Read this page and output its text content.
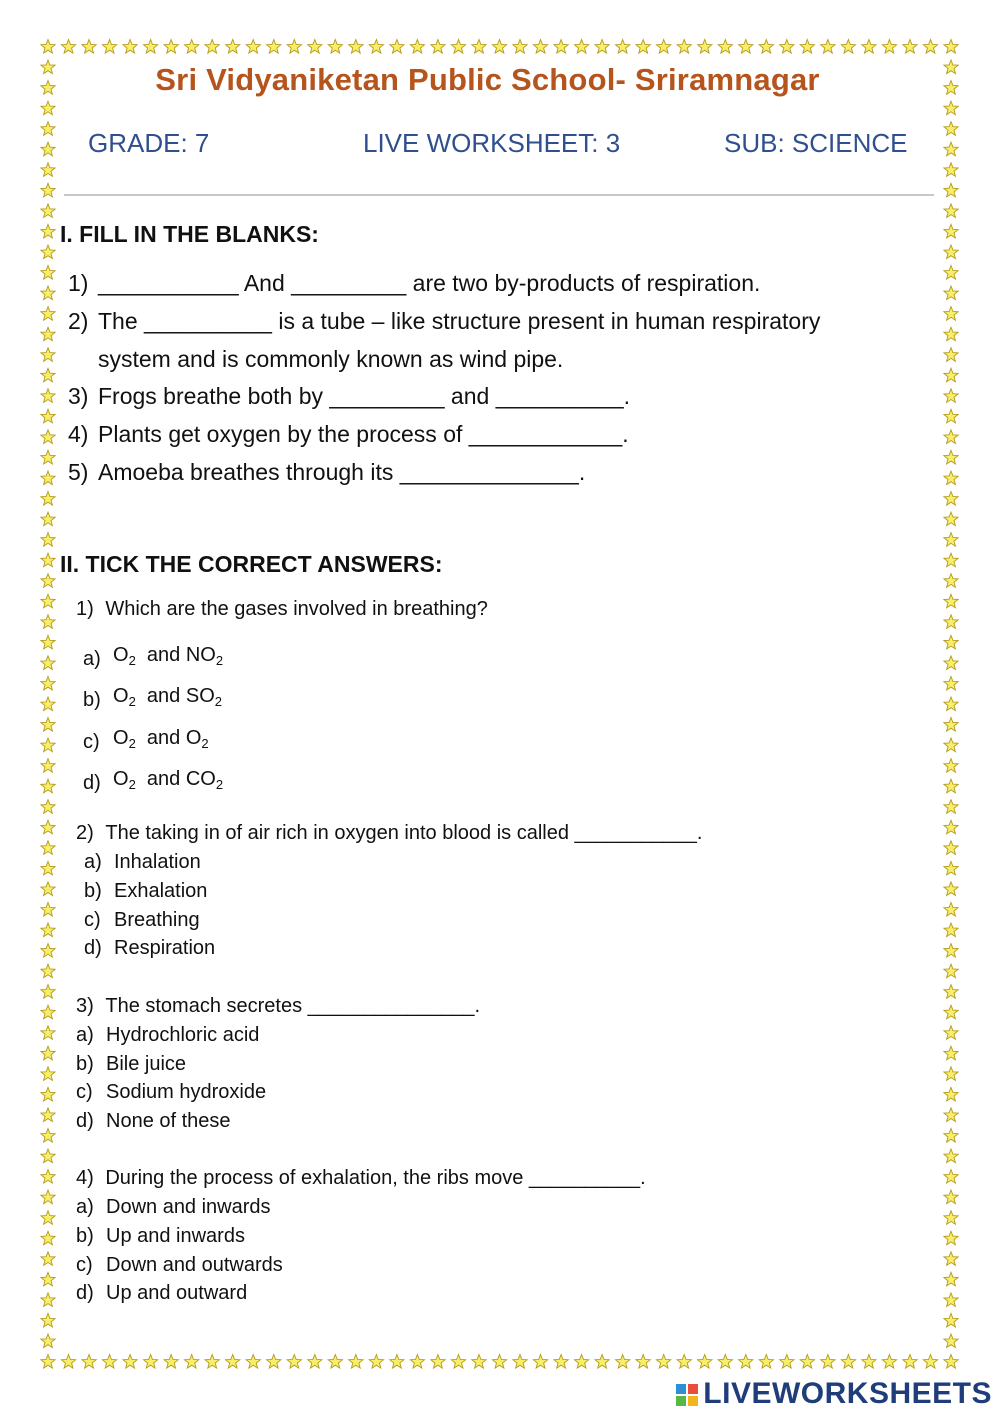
Sri Vidyaniketan Public School- Sriramnagar
GRADE: 7	LIVE WORKSHEET: 3	SUB: SCIENCE
I. FILL IN THE BLANKS:
1) ___________ And _________ are two by-products of respiration.
2) The __________ is a tube – like structure present in human respiratory
system and is commonly known as wind pipe.
3) Frogs breathe both by _________ and __________.
4) Plants get oxygen by the process of ____________.
5) Amoeba breathes through its ______________.
II. TICK THE CORRECT ANSWERS:
1) Which are the gases involved in breathing?
a) $O_2$ and $NO_2$
b) $O_2$ and $SO_2$
c) $O_2$ and $O_2$
d) $O_2$ and $CO_2$
2) The taking in of air rich in oxygen into blood is called ___________.
a) Inhalation
b) Exhalation
c) Breathing
d) Respiration
3) The stomach secretes _______________.
a) Hydrochloric acid
b) Bile juice
c) Sodium hydroxide
d) None of these
4) During the process of exhalation, the ribs move __________.
a) Down and inwards
b) Up and inwards
c) Down and outwards
d) Up and outward
LIVEWORKSHEETS
